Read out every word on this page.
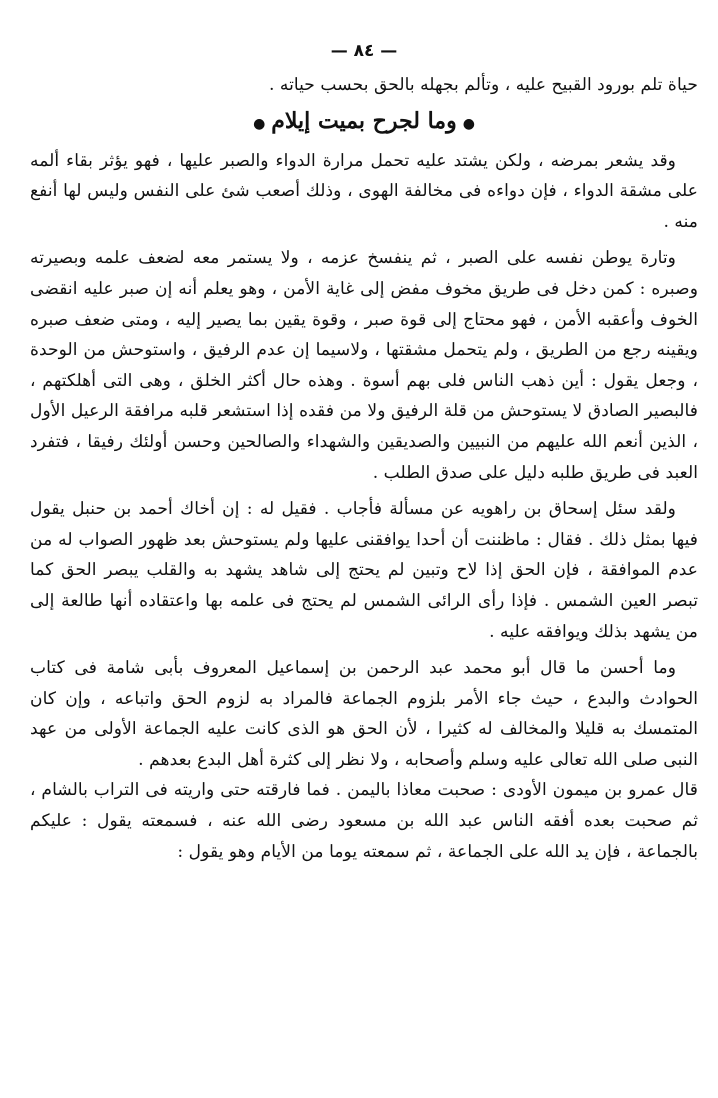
— ٨٤ —

حياة تلم بورود القبيح عليه ، وتألم بجهله بالحق بحسب حياته .

●وما لجرح بميت إيلام●

وقد يشعر بمرضه ، ولكن يشتد عليه تحمل مرارة الدواء والصبر عليها ، فهو يؤثر بقاء ألمه على مشقة الدواء ، فإن دواءه فى مخالفة الهوى ، وذلك أصعب شئ على النفس وليس لها أنفع منه .

وتارة يوطن نفسه على الصبر ، ثم ينفسخ عزمه ، ولا يستمر معه لضعف علمه وبصيرته وصبره : كمن دخل فى طريق مخوف مفض إلى غاية الأمن ، وهو يعلم أنه إن صبر عليه انقضى الخوف وأعقبه الأمن ، فهو محتاج إلى قوة صبر ، وقوة يقين بما يصير إليه ، ومتى ضعف صبره ويقينه رجع من الطريق ، ولم يتحمل مشقتها ، ولاسيما إن عدم الرفيق ، واستوحش من الوحدة ، وجعل يقول : أين ذهب الناس فلى بهم أسوة . وهذه حال أكثر الخلق ، وهى التى أهلكتهم ، فالبصير الصادق لا يستوحش من قلة الرفيق ولا من فقده إذا استشعر قلبه مرافقة الرعيل الأول ، الذين أنعم الله عليهم من النبيين والصديقين والشهداء والصالحين وحسن أولئك رفيقا ، فتفرد العبد فى طريق طلبه دليل على صدق الطلب .

ولقد سئل إسحاق بن راهويه عن مسألة فأجاب . فقيل له : إن أخاك أحمد بن حنبل يقول فيها بمثل ذلك . فقال : ماظننت أن أحدا يوافقنى عليها ولم يستوحش بعد ظهور الصواب له من عدم الموافقة ، فإن الحق إذا لاح وتبين لم يحتج إلى شاهد يشهد به والقلب يبصر الحق كما تبصر العين الشمس . فإذا رأى الرائى الشمس لم يحتج فى علمه بها واعتقاده أنها طالعة إلى من يشهد بذلك ويوافقه عليه .

وما أحسن ما قال أبو محمد عبد الرحمن بن إسماعيل المعروف بأبى شامة فى كتاب الحوادث والبدع ، حيث جاء الأمر بلزوم الجماعة فالمراد به لزوم الحق واتباعه ، وإن كان المتمسك به قليلا والمخالف له كثيرا ، لأن الحق هو الذى كانت عليه الجماعة الأولى من عهد النبى صلى الله تعالى عليه وسلم وأصحابه ، ولا نظر إلى كثرة أهل البدع بعدهم .

قال عمرو بن ميمون الأودى : صحبت معاذا باليمن . فما فارقته حتى واريته فى التراب بالشام ، ثم صحبت بعده أفقه الناس عبد الله بن مسعود رضى الله عنه ، فسمعته يقول : عليكم بالجماعة ، فإن يد الله على الجماعة ، ثم سمعته يوما من الأيام وهو يقول :
